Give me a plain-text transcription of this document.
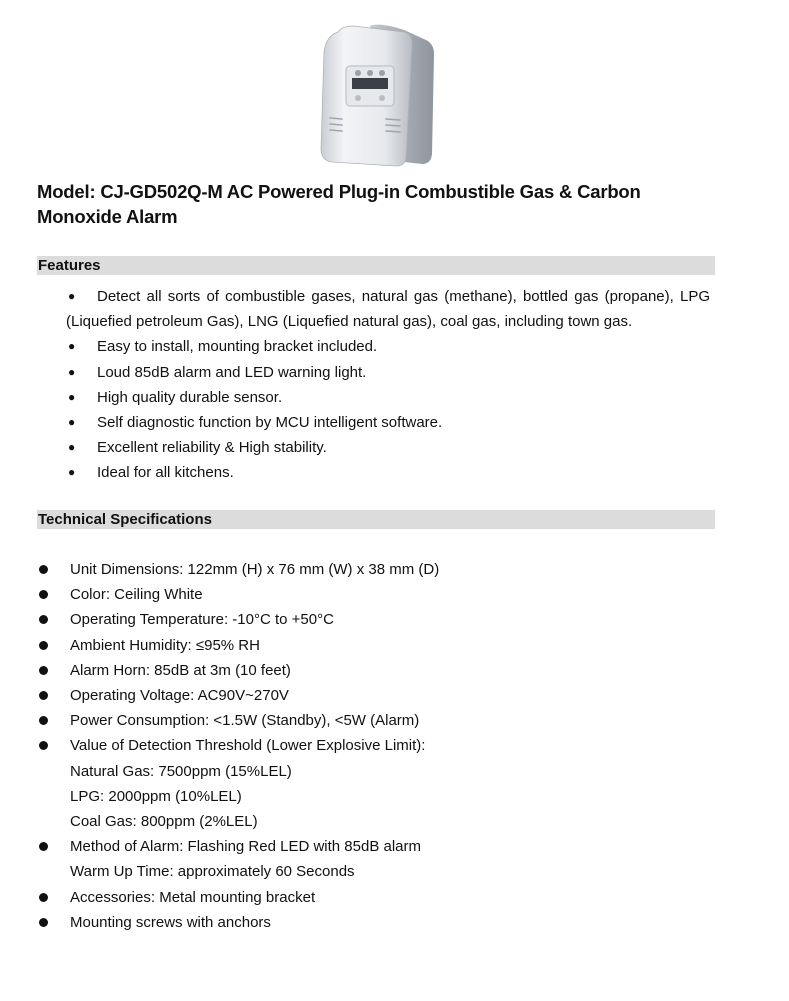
Model: CJ-GD502Q-M AC Powered Plug-in Combustible Gas & Carbon Monoxide Alarm
Features
● Detect all sorts of combustible gases, natural gas (methane), bottled gas (propane), LPG (Liquefied petroleum Gas), LNG (Liquefied natural gas), coal gas, including town gas.
● Easy to install, mounting bracket included.
● Loud 85dB alarm and LED warning light.
● High quality durable sensor.
● Self diagnostic function by MCU intelligent software.
● Excellent reliability & High stability.
● Ideal for all kitchens.
Technical Specifications
Unit Dimensions: 122mm (H) x 76 mm (W) x 38 mm (D)
Color: Ceiling White
Operating Temperature: -10°C to +50°C
Ambient Humidity: ≤95% RH
Alarm Horn: 85dB at 3m (10 feet)
Operating Voltage: AC90V~270V
Power Consumption: <1.5W (Standby), <5W (Alarm)
Value of Detection Threshold (Lower Explosive Limit):
Natural Gas: 7500ppm (15%LEL)
LPG: 2000ppm (10%LEL)
Coal Gas: 800ppm (2%LEL)
Method of Alarm: Flashing Red LED with 85dB alarm
Warm Up Time: approximately 60 Seconds
Accessories: Metal mounting bracket
Mounting screws with anchors
